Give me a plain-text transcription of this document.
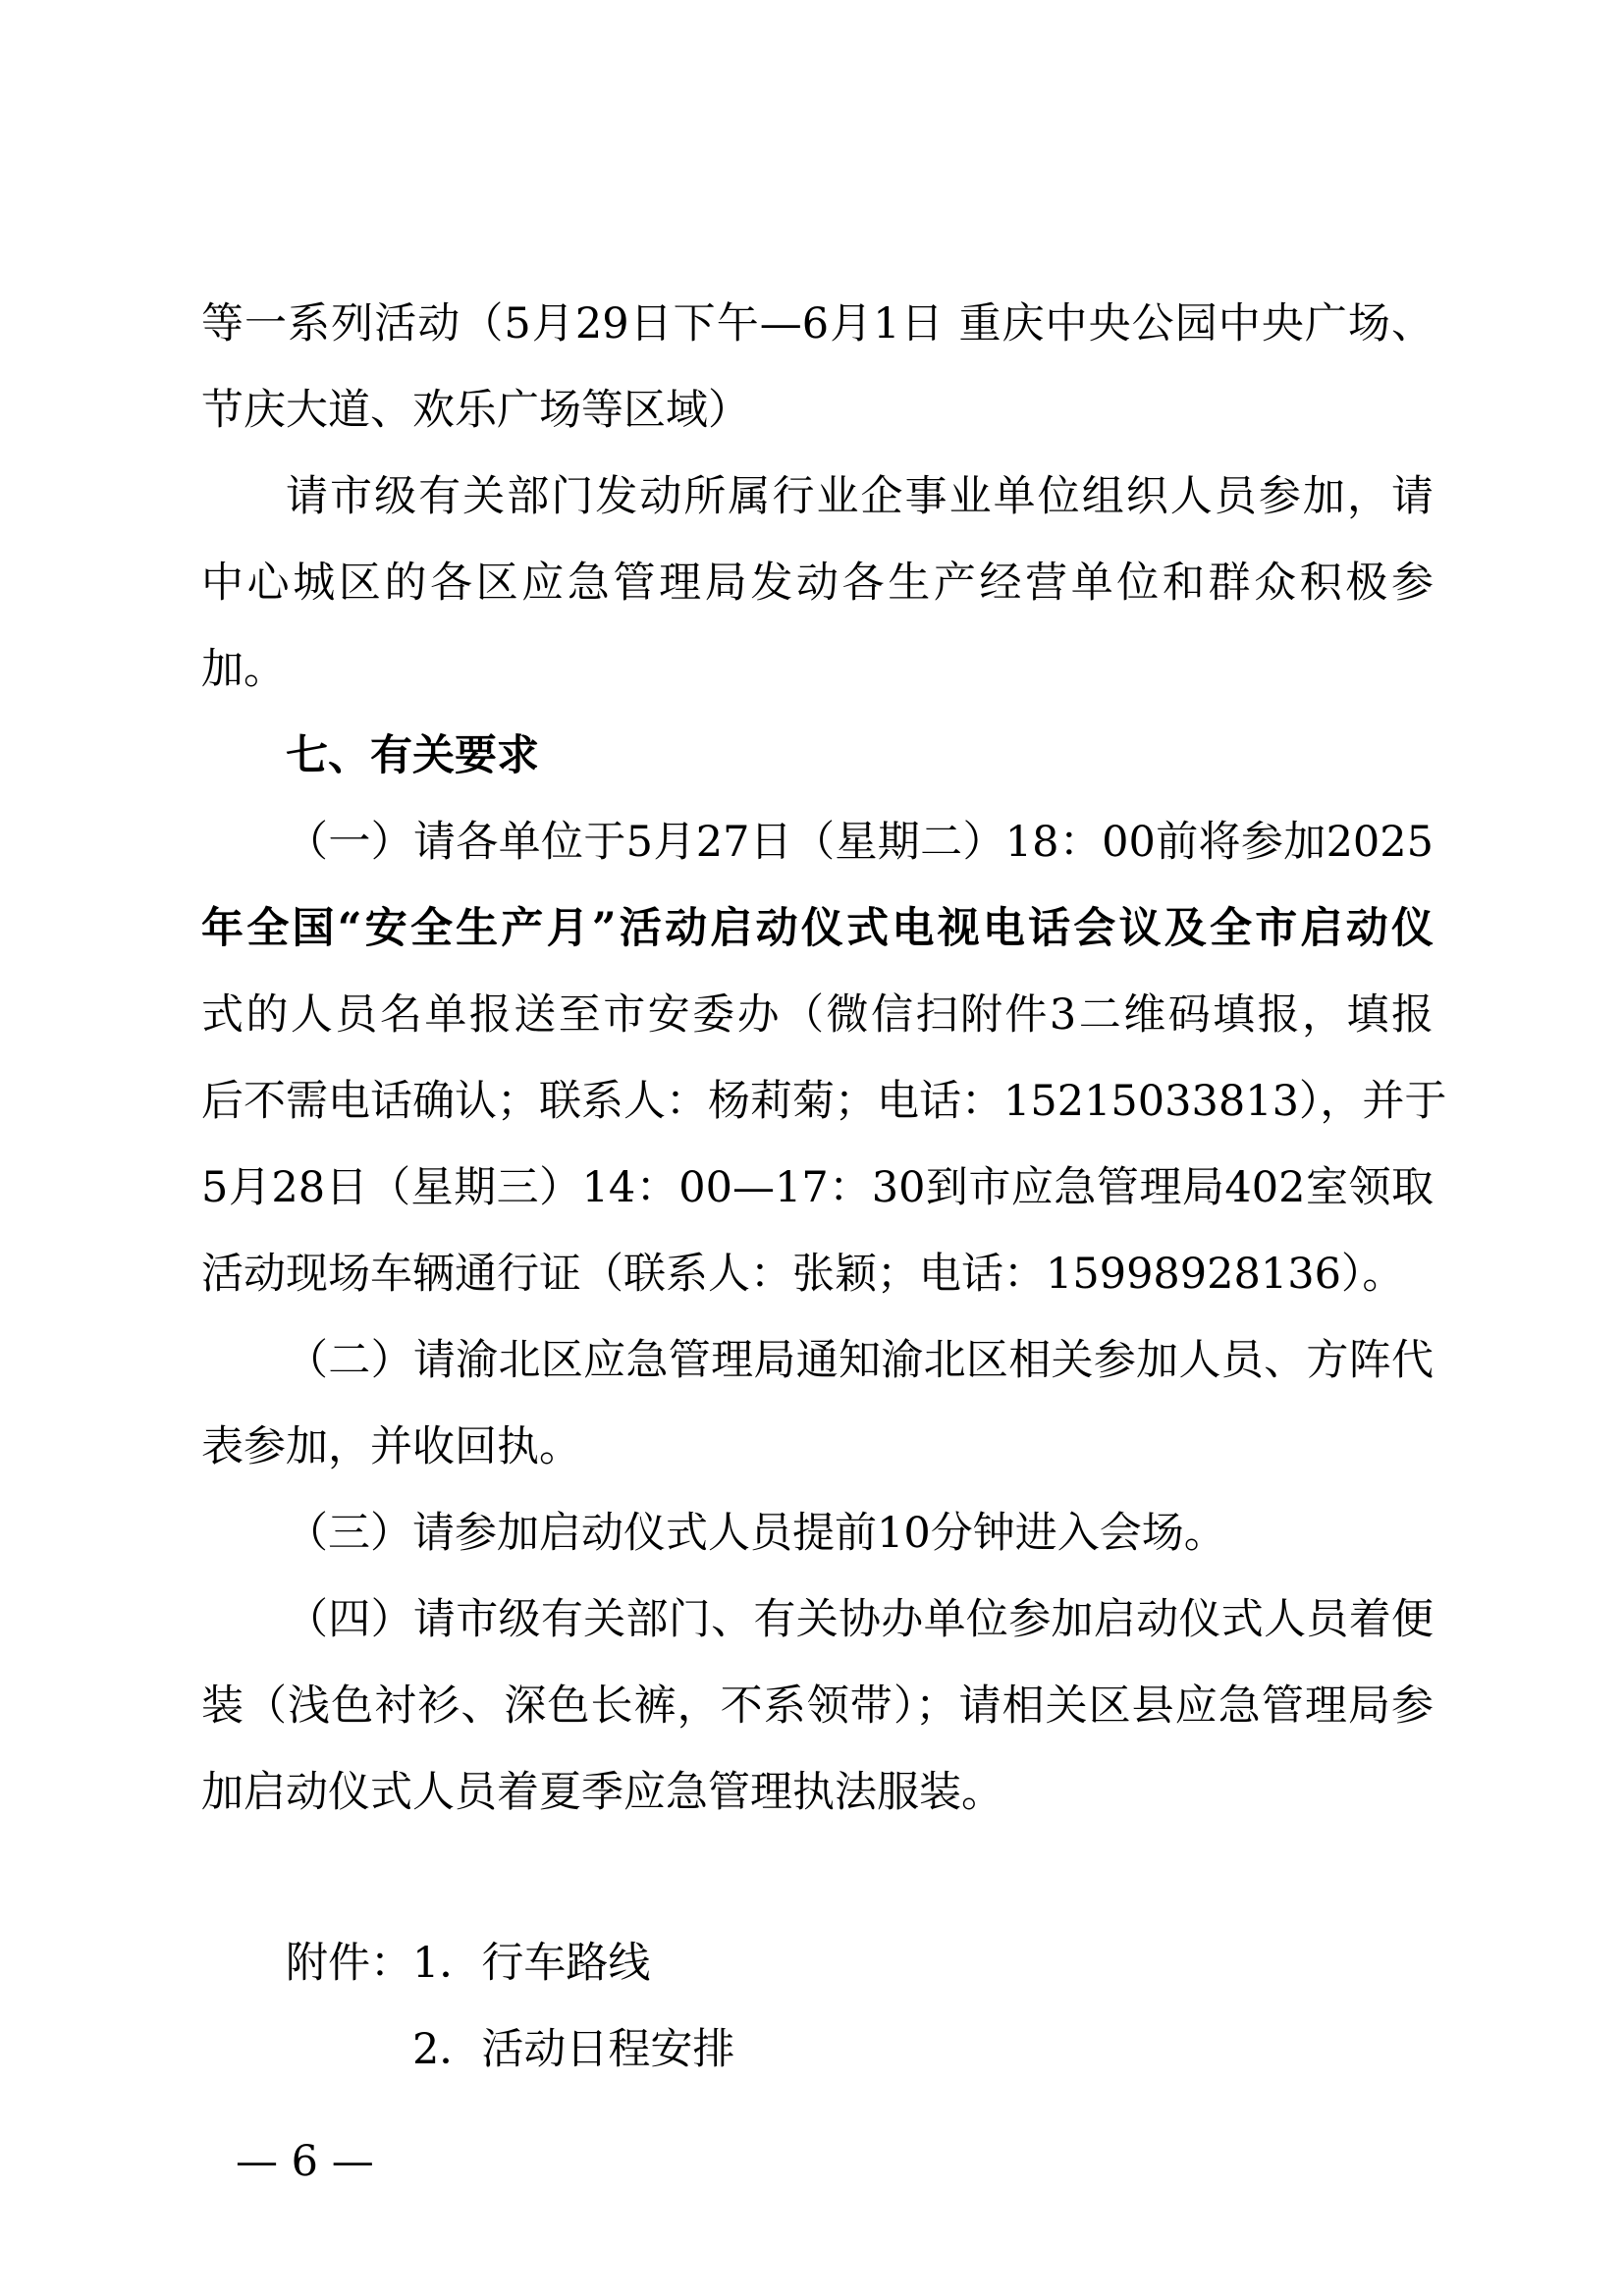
等一系列活动（5月29日下午—6月1日 重庆中央公园中央广场、
节庆大道、欢乐广场等区域）
请市级有关部门发动所属行业企事业单位组织人员参加，请
中心城区的各区应急管理局发动各生产经营单位和群众积极参
加。
七、有关要求
（一）请各单位于5月27日（星期二）18：00前将参加2025
年全国“安全生产月”活动启动仪式电视电话会议及全市启动仪
式的人员名单报送至市安委办（微信扫附件3二维码填报，填报
后不需电话确认；联系人：杨莉菊；电话：15215033813），并于
5月28日（星期三）14：00—17：30到市应急管理局402室领取
活动现场车辆通行证（联系人：张颖；电话：15998928136）。
（二）请渝北区应急管理局通知渝北区相关参加人员、方阵代
表参加，并收回执。
（三）请参加启动仪式人员提前10分钟进入会场。
（四）请市级有关部门、有关协办单位参加启动仪式人员着便
装（浅色衬衫、深色长裤，不系领带）；请相关区县应急管理局参
加启动仪式人员着夏季应急管理执法服装。
附件：1．行车路线
2．活动日程安排
— 6 —
